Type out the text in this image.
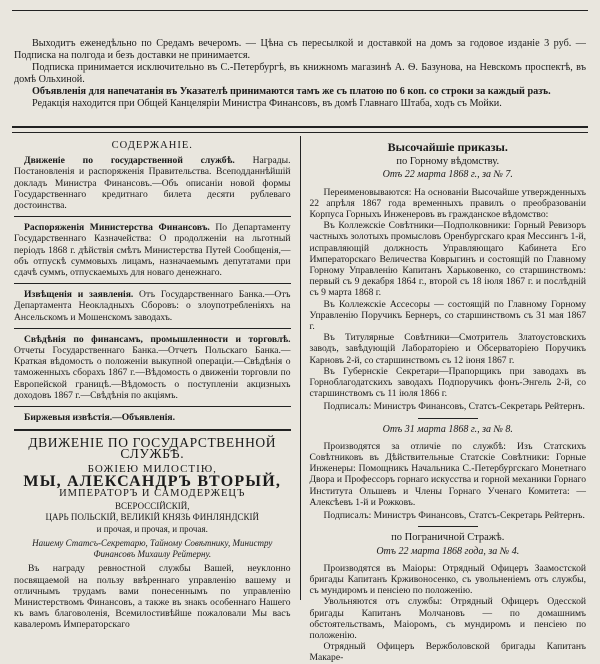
Выходитъ еженедѣльно по Средамъ вечеромъ. — Цѣна съ пересылкой и доставкой на домъ за годовое изданіе 3 руб. — Подписка на полгода и безъ доставки не принимается.

Подписка принимается исключительно въ С.-Петербургѣ, въ книжномъ магазинѣ А. Ѳ. Базунова, на Невскомъ проспектѣ, въ домѣ Ольхиной.

Объявленія для напечатанія въ Указателѣ принимаются тамъ же съ платою по 6 коп. со строки за каждый разъ.

Редакція находится при Общей Канцеляріи Министра Финансовъ, въ домѣ Главнаго Штаба, ходъ съ Мойки.

СОДЕРЖАНІЕ.

Движеніе по государственной службѣ. Награды. Постановленія и распоряженія Правительства. Всеподданнѣйшій докладъ Министра Финансовъ.—Объ описаніи новой формы Государственнаго кредитнаго билета десяти рублеваго достоинства.

Распоряженія Министерства Финансовъ. По Департаменту Государственнаго Казначейства: О продолженіи на льготный періодъ 1868 г. дѣйствія смѣтъ Министерства Путей Сообщенія,—объ отпускѣ суммовыхъ лицамъ, назначаемымъ депутатами при сдачѣ суммъ, отпускаемыхъ для новаго денежнаго.

Извѣщенія и заявленія. Отъ Государственнаго Банка.—Отъ Департамента Неокладныхъ Сборовъ: о злоупотребленіяхъ на Ансельскомъ и Мошенскомъ заводахъ.

Свѣдѣнія по финансамъ, промышленности и торговлѣ. Отчеты Государственнаго Банка.—Отчетъ Польскаго Банка.—Краткая вѣдомость о положеніи выкупной операціи.—Свѣдѣнія о таможенныхъ сборахъ 1867 г.—Вѣдомость о движеніи торговли по Европейской границѣ.—Вѣдомость о поступленіи акцизныхъ доходовъ 1867 г.—Свѣдѣнія по акціямъ.

Биржевыя извѣстія.—Объявленія.

ДВИЖЕНІЕ ПО ГОСУДАРСТВЕННОЙ СЛУЖБѢ.

БОЖІЕЮ МИЛОСТІЮ,

МЫ, АЛЕКСАНДРЪ ВТОРЫЙ,

ИМПЕРАТОРЪ И САМОДЕРЖЕЦЪ

ВСЕРОССІЙСКІЙ,

ЦАРЬ ПОЛЬСКІЙ, ВЕЛИКІЙ КНЯЗЬ ФИНЛЯНДСКІЙ

и прочая, и прочая, и прочая.

Нашему Статсъ-Секретарю, Тайному Совѣтнику, Министру Финансовъ Михаилу Рейтерну.

Въ награду ревностной службы Вашей, неуклонно посвящаемой на пользу ввѣреннаго управленію вашему и отличнымъ трудамъ вами понесеннымъ по управленію Министерствомъ Финансовъ, а также въ знакъ особеннаго Нашего къ вамъ благоволенія, Всемилостивѣйше пожаловали Мы васъ кавалеромъ Императорскаго

Высочайшіе приказы.
по Горному вѣдомству.
Отъ 22 марта 1868 г., за № 7.

Переименовываются: На основаніи Высочайше утвержденныхъ 22 апрѣля 1867 года временныхъ правилъ о преобразованіи Корпуса Горныхъ Инженеровъ въ гражданское вѣдомство:

Въ Коллежскіе Совѣтники—Подполковники: Горный Ревизоръ частныхъ золотыхъ промысловъ Оренбургскаго края Мессингъ 1-й, исправляющій должность Управляющаго Кабинета Его Императорскаго Величества Коврыгинъ и состоящій по Главному Горному Управленію Капитанъ Харьковенко, со старшинствомъ: первый съ 9 декабря 1864 г., второй съ 18 іюля 1867 г. и послѣдній съ 9 марта 1868 г.

Въ Коллежскіе Ассесоры — состоящій по Главному Горному Управленію Поручикъ Бернеръ, со старшинствомъ съ 31 мая 1867 г.

Въ Титулярные Совѣтники—Смотритель Златоустовскихъ заводъ, завѣдующій Лабораторіею и Обсерваторіею Поручикъ Карновъ 2-й, со старшинствомъ съ 12 іюня 1867 г.

Въ Губернскіе Секретари—Прапорщикъ при заводахъ въ Горноблагодатскихъ заводахъ Подпоручикъ фонъ-Энгель 2-й, со старшинствомъ съ 11 іюля 1866 г.

Подписалъ: Министръ Финансовъ, Статсъ-Секретарь Рейтернъ.

Отъ 31 марта 1868 г., за № 8.

Производятся за отличіе по службѣ: Изъ Статскихъ Совѣтниковъ въ Дѣйствительные Статскіе Совѣтники: Горные Инженеры: Помощникъ Начальника С.-Петербургскаго Монетнаго Двора и Профессоръ горнаго искусства и горной механики Горнаго Института Ольшевъ и Члены Горнаго Ученаго Комитета: — Алексѣевъ 1-й и Рожковъ.

Подписалъ: Министръ Финансовъ, Статсъ-Секретарь Рейтернъ.

по Пограничной Стражѣ.
Отъ 22 марта 1868 года, за № 4.

Производятся въ Маіоры: Отрядный Офицеръ Заамостской бригады Капитанъ Крживоносенко, съ увольненіемъ отъ службы, съ мундиромъ и пенсіею по положенію.

Увольняются отъ службы: Отрядный Офицеръ Одесской бригады Капитанъ Молчановъ — по домашнимъ обстоятельствамъ, Маіоромъ, съ мундиромъ и пенсіею по положенію.

Отрядный Офицеръ Вержболовской бригады Капитанъ Макаре-
